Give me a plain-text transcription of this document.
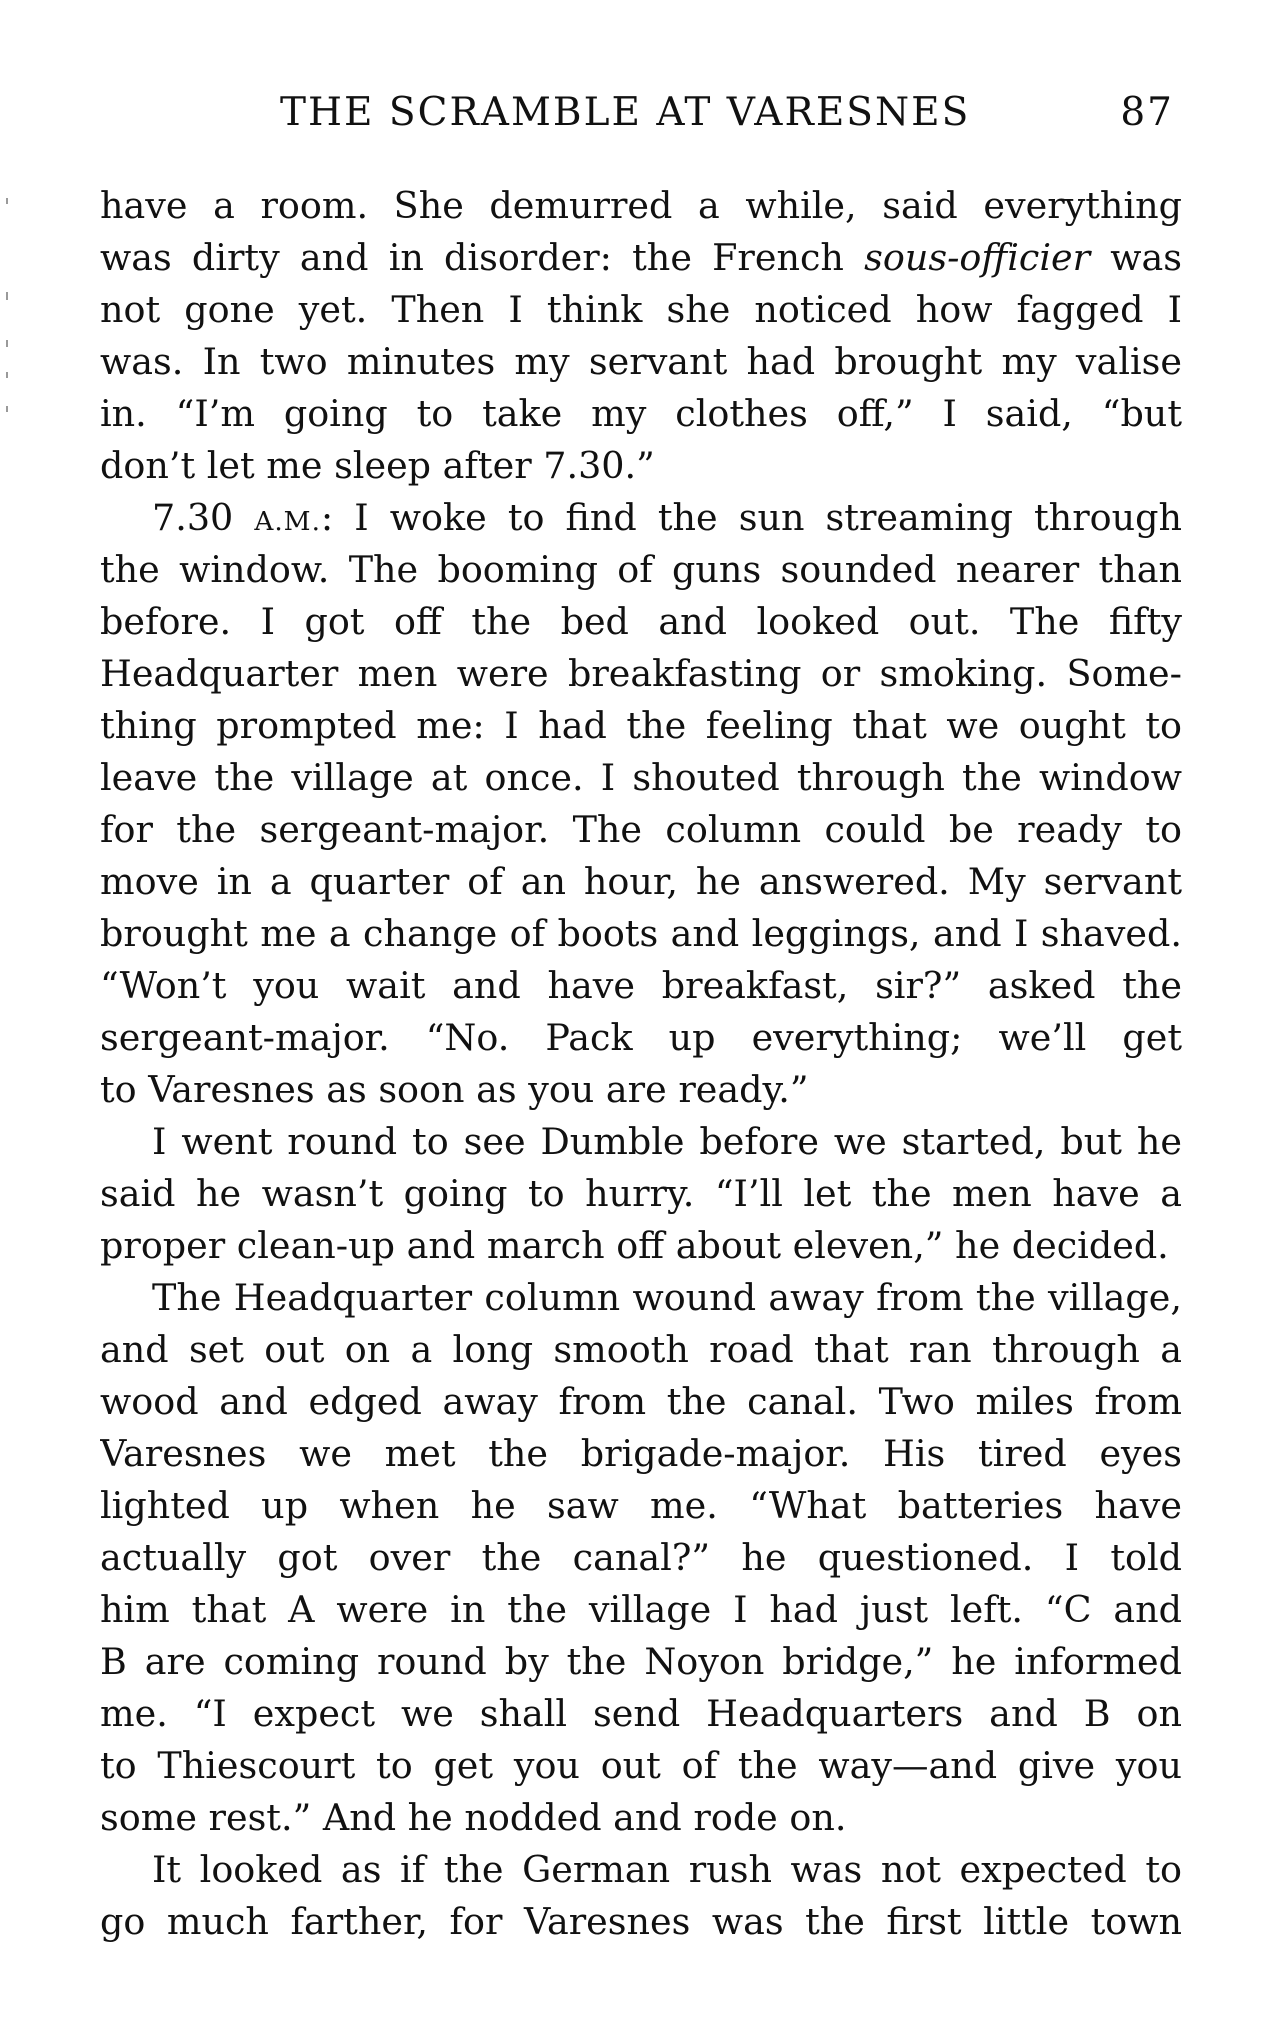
THE SCRAMBLE AT VARESNES	87
have a room. She demurred a while, said everything
was dirty and in disorder: the French sous-officier was
not gone yet. Then I think she noticed how fagged I
was. In two minutes my servant had brought my valise
in. “I’m going to take my clothes off,” I said, “but
don’t let me sleep after 7.30.”
7.30 A.M.: I woke to find the sun streaming through
the window. The booming of guns sounded nearer than
before. I got off the bed and looked out. The fifty
Headquarter men were breakfasting or smoking. Some-
thing prompted me: I had the feeling that we ought to
leave the village at once. I shouted through the window
for the sergeant-major. The column could be ready to
move in a quarter of an hour, he answered. My servant
brought me a change of boots and leggings, and I shaved.
“Won’t you wait and have breakfast, sir?” asked the
sergeant-major. “No. Pack up everything; we’ll get
to Varesnes as soon as you are ready.”
I went round to see Dumble before we started, but he
said he wasn’t going to hurry. “I’ll let the men have a
proper clean-up and march off about eleven,” he decided.
The Headquarter column wound away from the village,
and set out on a long smooth road that ran through a
wood and edged away from the canal. Two miles from
Varesnes we met the brigade-major. His tired eyes
lighted up when he saw me. “What batteries have
actually got over the canal?” he questioned. I told
him that A were in the village I had just left. “C and
B are coming round by the Noyon bridge,” he informed
me. “I expect we shall send Headquarters and B on
to Thiescourt to get you out of the way—and give you
some rest.” And he nodded and rode on.
It looked as if the German rush was not expected to
go much farther, for Varesnes was the first little town
